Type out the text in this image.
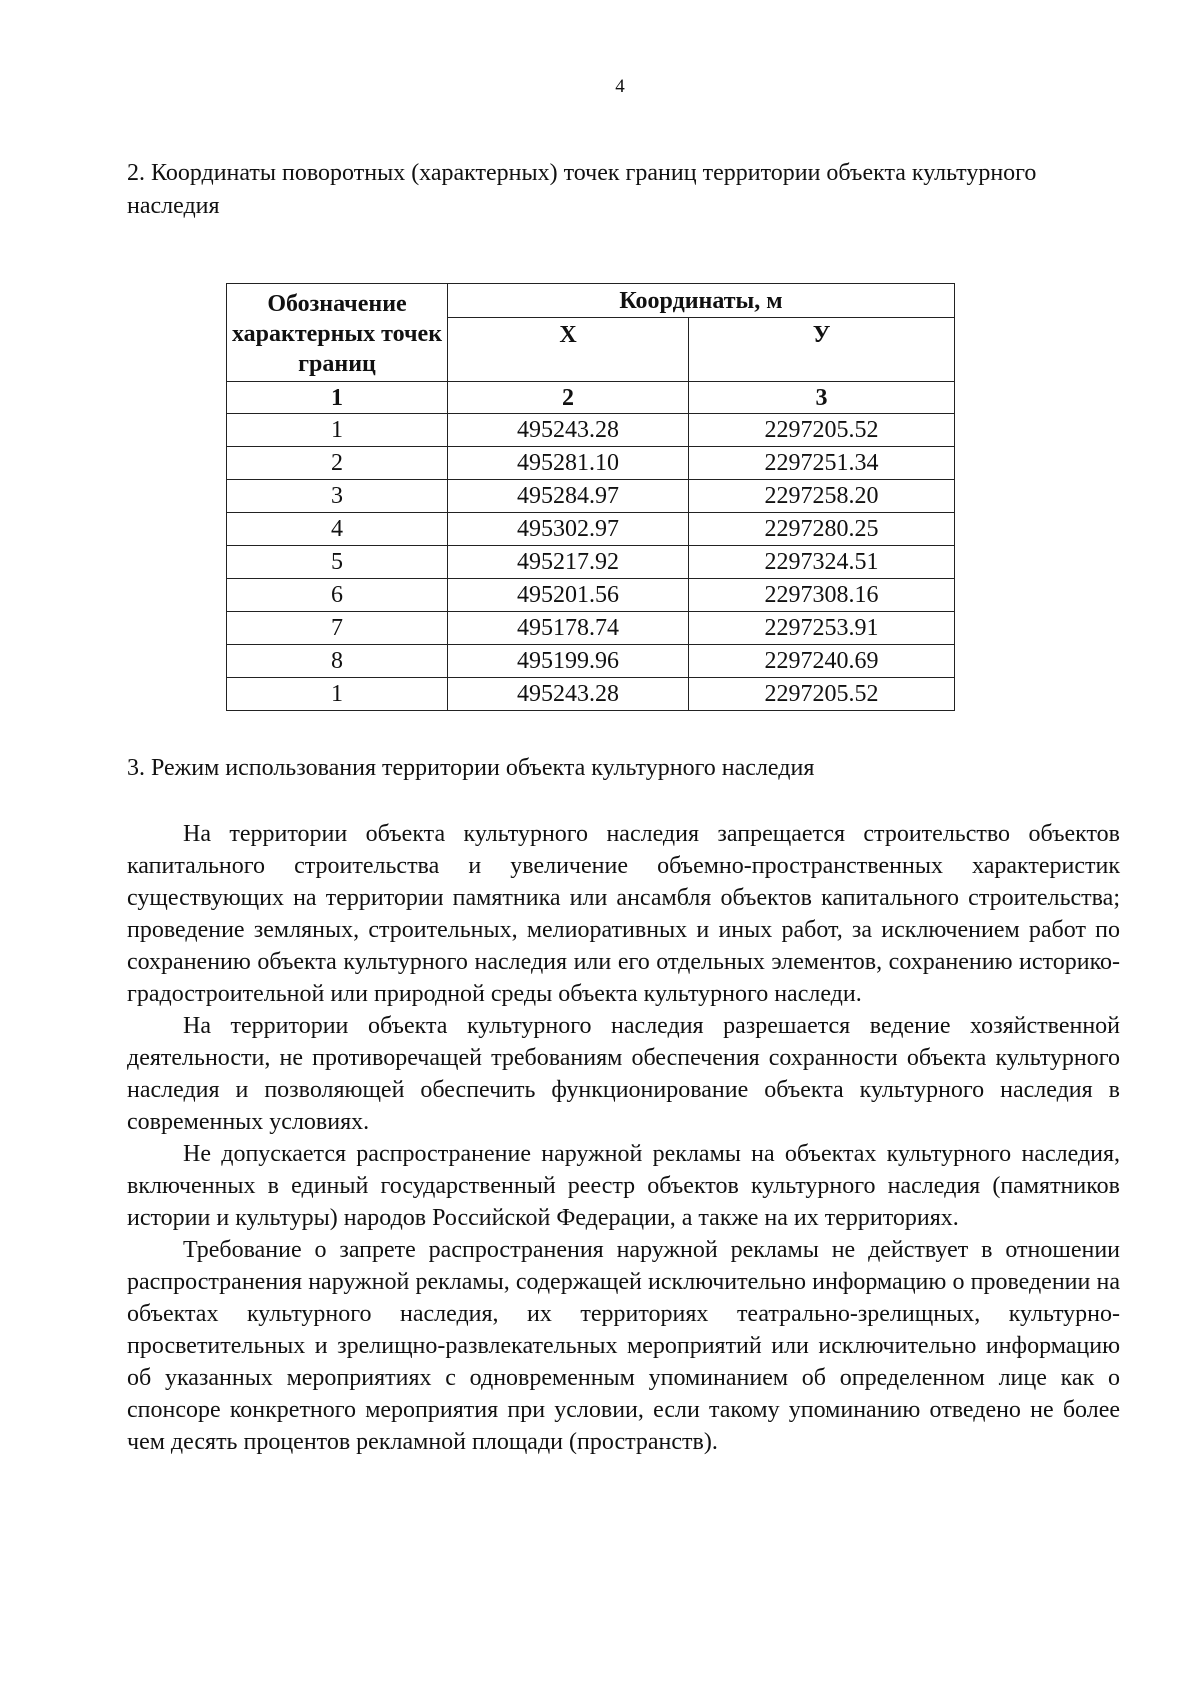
4
2. Координаты поворотных (характерных) точек границ территории объекта культурного наследия
Обозначение характерных точек границ	Координаты, м	
	X	У
1	2	3
1	495243.28	2297205.52
2	495281.10	2297251.34
3	495284.97	2297258.20
4	495302.97	2297280.25
5	495217.92	2297324.51
6	495201.56	2297308.16
7	495178.74	2297253.91
8	495199.96	2297240.69
1	495243.28	2297205.52
3. Режим использования территории объекта культурного наследия

На территории объекта культурного наследия запрещается строительство объектов капитального строительства и увеличение объемно-пространственных характеристик существующих на территории памятника или ансамбля объектов капитального строительства; проведение земляных, строительных, мелиоративных и иных работ, за исключением работ по сохранению объекта культурного наследия или его отдельных элементов, сохранению историко-градостроительной или природной среды объекта культурного наследи.

На территории объекта культурного наследия разрешается ведение хозяйственной деятельности, не противоречащей требованиям обеспечения сохранности объекта культурного наследия и позволяющей обеспечить функционирование объекта культурного наследия в современных условиях.

Не допускается распространение наружной рекламы на объектах культурного наследия, включенных в единый государственный реестр объектов культурного наследия (памятников истории и культуры) народов Российской Федерации, а также на их территориях.

Требование о запрете распространения наружной рекламы не действует в отношении распространения наружной рекламы, содержащей исключительно информацию о проведении на объектах культурного наследия, их территориях театрально-зрелищных, культурно-просветительных и зрелищно-развлекательных мероприятий или исключительно информацию об указанных мероприятиях с одновременным упоминанием об определенном лице как о спонсоре конкретного мероприятия при условии, если такому упоминанию отведено не более чем десять процентов рекламной площади (пространств).
